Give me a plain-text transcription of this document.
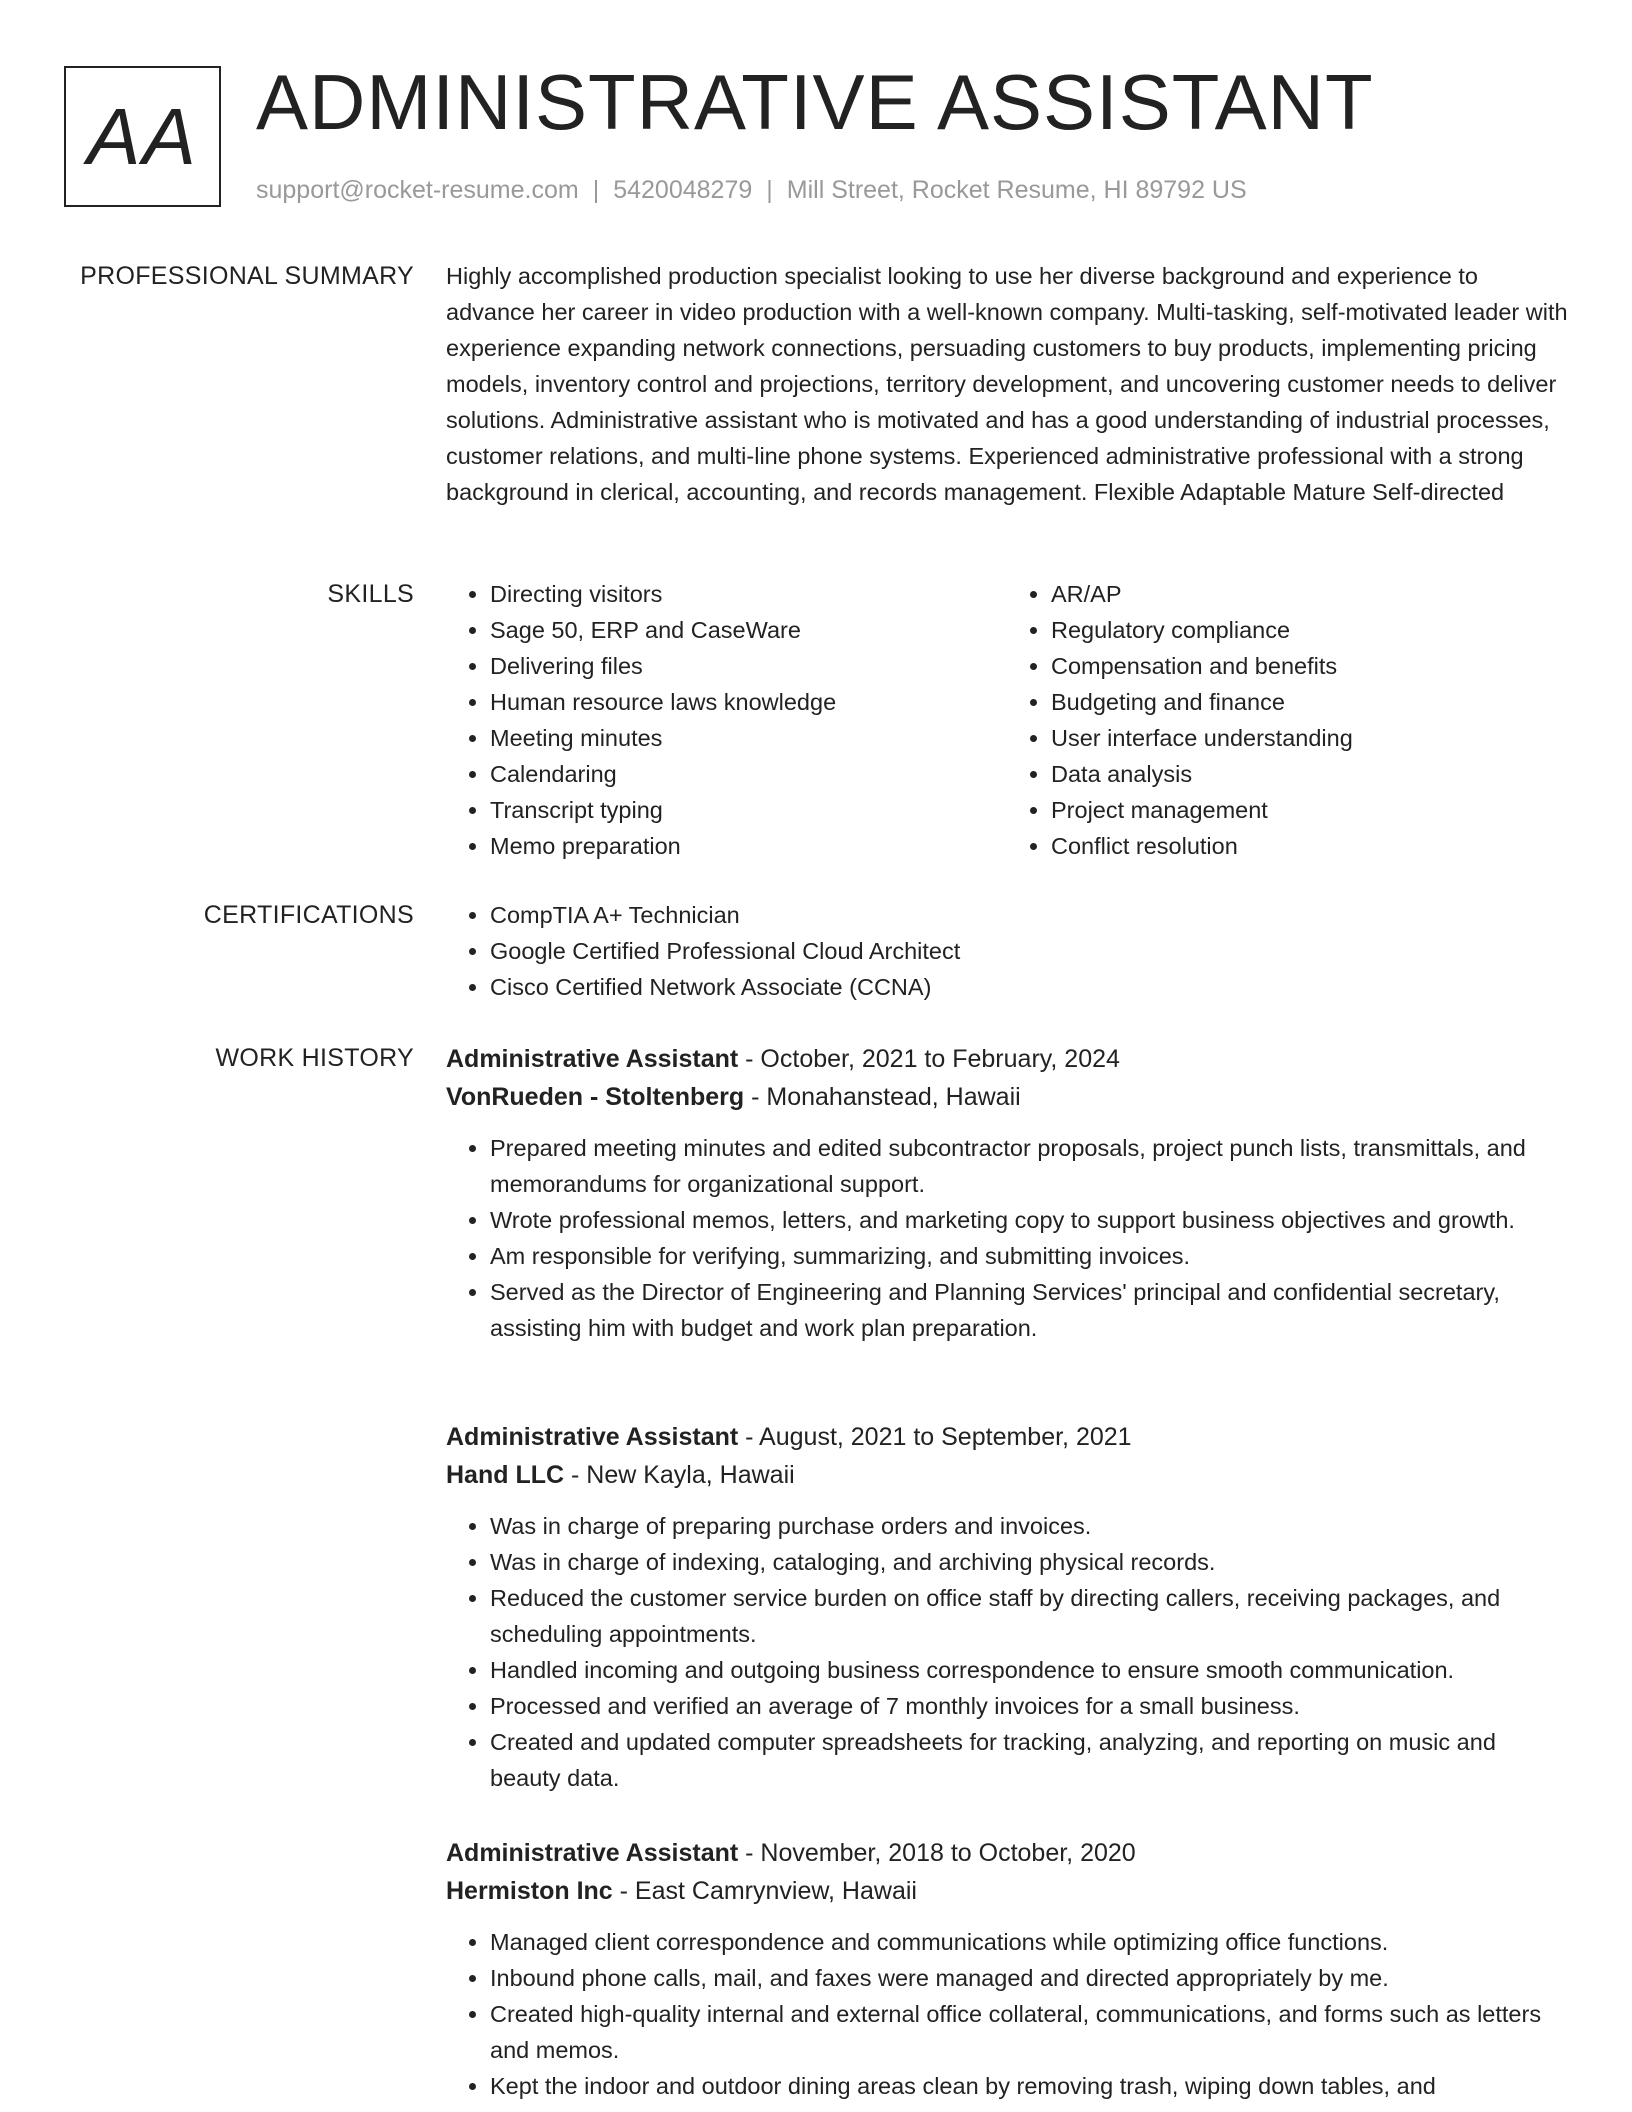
AA ADMINISTRATIVE ASSISTANT
support@rocket-resume.com | 5420048279 | Mill Street, Rocket Resume, HI 89792 US
PROFESSIONAL SUMMARY Highly accomplished production specialist looking to use her diverse background and experience to advance her career in video production with a well-known company. Multi-tasking, self-motivated leader with experience expanding network connections, persuading customers to buy products, implementing pricing models, inventory control and projections, territory development, and uncovering customer needs to deliver solutions. Administrative assistant who is motivated and has a good understanding of industrial processes, customer relations, and multi-line phone systems. Experienced administrative professional with a strong background in clerical, accounting, and records management. Flexible Adaptable Mature Self-directed

SKILLS	• Directing visitors
• Sage 50, ERP and CaseWare
• Delivering files
• Human resource laws knowledge
• Meeting minutes
• Calendaring
• Transcript typing
• Memo preparation
• AR/AP
• Regulatory compliance
• Compensation and benefits
• Budgeting and finance
• User interface understanding
• Data analysis
• Project management
• Conflict resolution
CERTIFICATIONS	• CompTIA A+ Technician
• Google Certified Professional Cloud Architect
• Cisco Certified Network Associate (CCNA)
WORK HISTORY Administrative Assistant - October, 2021 to February, 2024
VonRueden - Stoltenberg - Monahanstead, Hawaii
• Prepared meeting minutes and edited subcontractor proposals, project punch lists, transmittals, and memorandums for organizational support.
• Wrote professional memos, letters, and marketing copy to support business objectives and growth.
• Am responsible for verifying, summarizing, and submitting invoices.
• Served as the Director of Engineering and Planning Services' principal and confidential secretary, assisting him with budget and work plan preparation.
Administrative Assistant - August, 2021 to September, 2021
Hand LLC - New Kayla, Hawaii
• Was in charge of preparing purchase orders and invoices.
• Was in charge of indexing, cataloging, and archiving physical records.
• Reduced the customer service burden on office staff by directing callers, receiving packages, and scheduling appointments.
• Handled incoming and outgoing business correspondence to ensure smooth communication.
• Processed and verified an average of 7 monthly invoices for a small business.
• Created and updated computer spreadsheets for tracking, analyzing, and reporting on music and beauty data.
Administrative Assistant - November, 2018 to October, 2020
Hermiston Inc - East Camrynview, Hawaii
• Managed client correspondence and communications while optimizing office functions.
• Inbound phone calls, mail, and faxes were managed and directed appropriately by me.
• Created high-quality internal and external office collateral, communications, and forms such as letters and memos.
• Kept the indoor and outdoor dining areas clean by removing trash, wiping down tables, and
